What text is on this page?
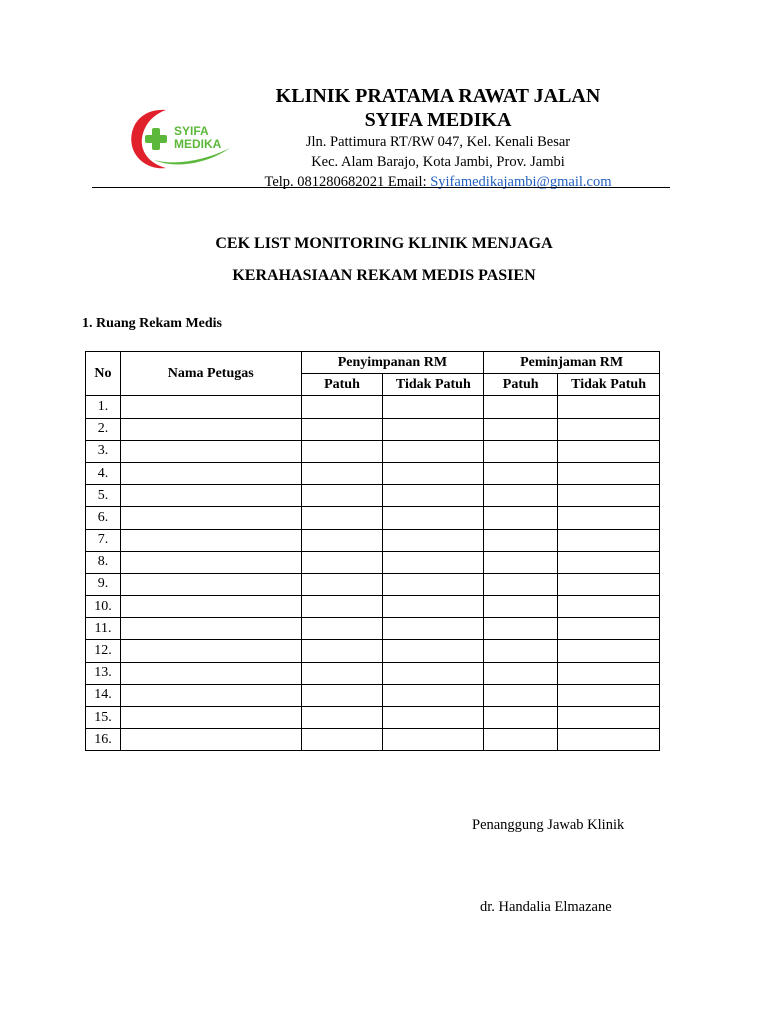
SYIFA
MEDIKA
KLINIK PRATAMA RAWAT JALAN
SYIFA MEDIKA
Jln. Pattimura RT/RW 047, Kel. Kenali Besar
Kec. Alam Barajo, Kota Jambi, Prov. Jambi
Telp. 081280682021 Email: Syifamedikajambi@gmail.com
CEK LIST MONITORING KLINIK MENJAGA
KERAHASIAAN REKAM MEDIS PASIEN
1. Ruang Rekam Medis
No	Nama Petugas	Penyimpanan RM		Peminjaman RM	
		Patuh	Tidak Patuh	Patuh	Tidak Patuh
1.					
2.					
3.					
4.					
5.					
6.					
7.					
8.					
9.					
10.					
11.					
12.					
13.					
14.					
15.					
16.					
Penanggung Jawab Klinik
dr. Handalia Elmazane
